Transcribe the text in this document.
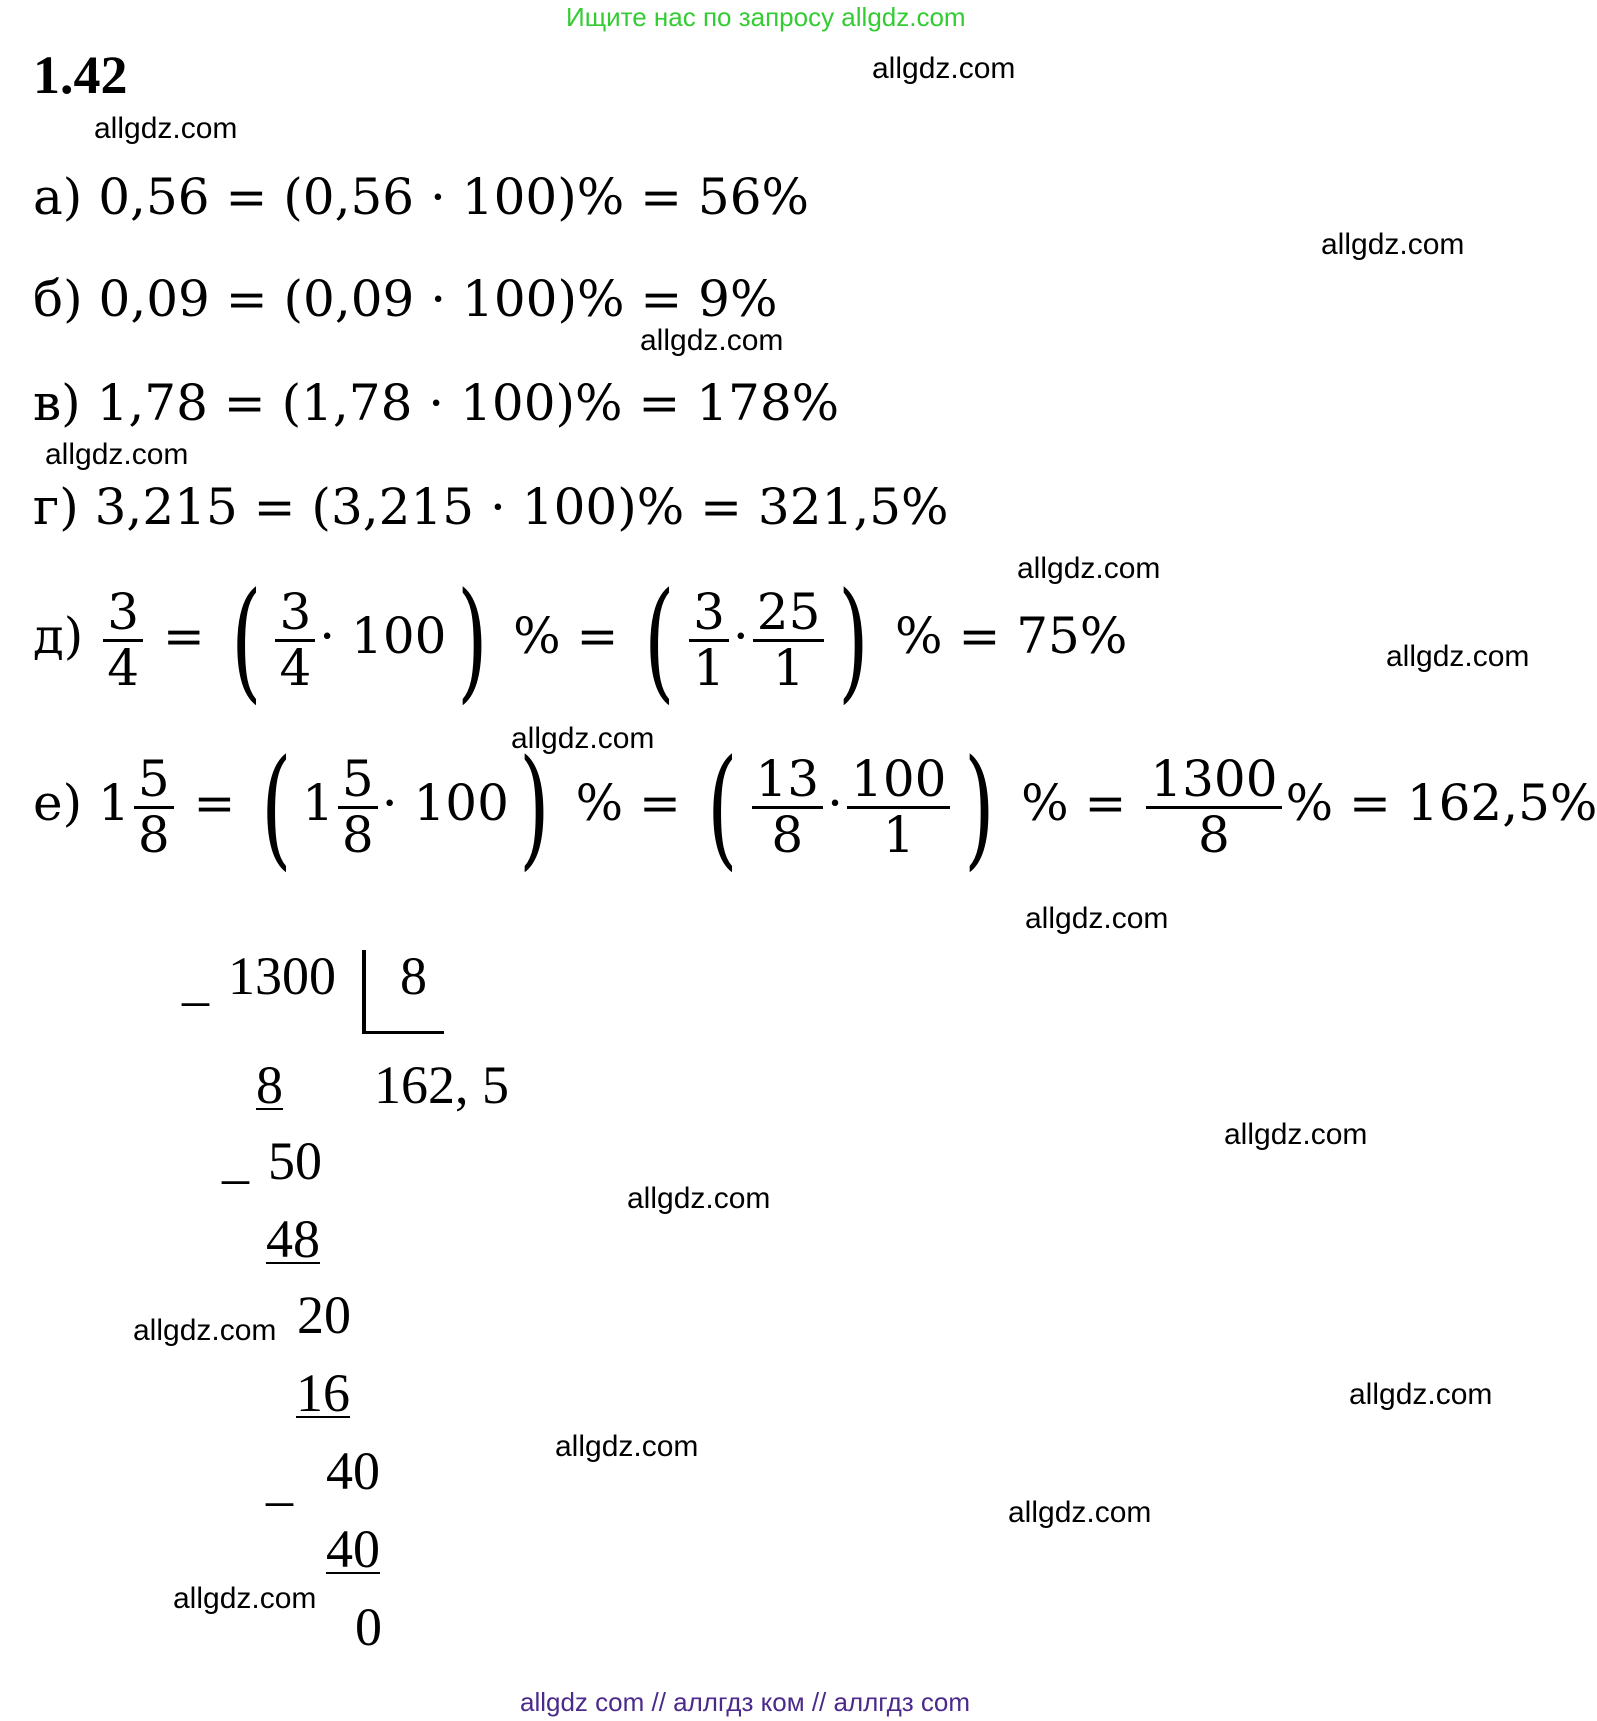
Ищите нас по запросу allgdz.com
1.42	allgdz.com
allgdz.com
allgdz.com
allgdz.com
allgdz.com
allgdz.com
allgdz.com
allgdz.com
allgdz.com
allgdz.com
allgdz.com
allgdz.com
allgdz.com
allgdz.com
allgdz.com
allgdz.com
а) 0,56 = (0,56 · 100)% = 56%
б) 0,09 = (0,09 · 100)% = 9%
в) 1,78 = (1,78 · 100)% = 178%
г) 3,215 = (3,215 · 100)% = 321,5%
$д) \frac{3}{4}$ = ( $\frac{3}{4} \cdot 100$) % = ( $\frac{3}{1} \cdot \frac{25}{1}$ ) % = 75%
е) $1 \frac{5}{8}$ = ( $1 \frac{5}{8} \cdot 100$) % = ( $\frac{13}{8} \cdot \frac{100}{1}$ ) % = $\frac{1300}{8}$ % = 162,5%
_ 1300 8
162, 5
8
_ 50
48
20
16
_ 40
40
0
allgdz com // аллгдз ком // аллгдз com
